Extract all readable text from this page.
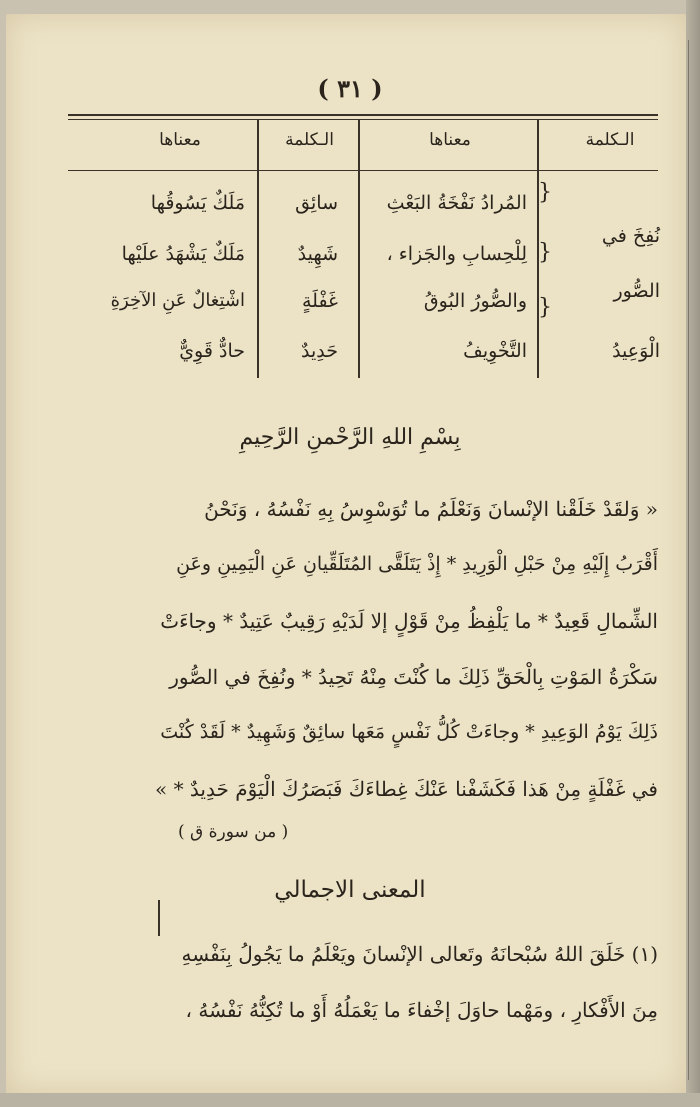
( ٣١ )
الـكلمة
معناها
الـكلمة
معناها
نُفِخَ في
الصُّور
الْوَعِيدُ
}
}
}
المُرادُ نَفْخَةُ البَعْثِ
لِلْحِسابِ والجَزاء ،
والصُّورُ البُوقُ
التَّخْوِيفُ
سائِق
شَهِيدٌ
غَفْلَةٍ
حَدِيدٌ
مَلَكٌ يَسُوقُها
مَلَكٌ يَشْهَدُ علَيْها
اشْتِغالٌ عَنِ الآخِرَةِ
حادٌّ قَوِيٌّ
بِسْمِ اللهِ الرَّحْمنِ الرَّحِيمِ
« وَلقَدْ خَلَقْنا الإنْسانَ وَنَعْلَمُ ما تُوَسْوِسُ بِهِ نَفْسُهُ ، وَنَحْنُ
أَقْرَبُ إِلَيْهِ مِنْ حَبْلِ الْوَرِيدِ * إِذْ يَتَلَقَّى المُتَلَقِّيانِ عَنِ الْيَمِينِ وعَنِ
الشِّمالِ قَعِيدٌ * ما يَلْفِظُ مِنْ قَوْلٍ إلا لَدَيْهِ رَقِيبٌ عَتِيدٌ * وجاءَتْ
سَكْرَةُ المَوْتِ بِالْحَقِّ ذَلِكَ ما كُنْتَ مِنْهُ تَحِيدُ * ونُفِخَ في الصُّور
ذَلِكَ يَوْمُ الوَعِيدِ * وجاءَتْ كُلُّ نَفْسٍ مَعَها سائِقٌ وَشَهِيدٌ * لَقَدْ كُنْتَ
في غَفْلَةٍ مِنْ هَذا فَكَشَفْنا عَنْكَ غِطاءَكَ فَبَصَرُكَ الْيَوْمَ حَدِيدٌ * »
( من سورة ق )
المعنى الاجمالي
(١) خَلَقَ اللهُ سُبْحانَهُ وتَعالى الإنْسانَ ويَعْلَمُ ما يَجُولُ بِنَفْسِهِ
مِنَ الأَفْكارِ ، ومَهْما حاوَلَ إخْفاءَ ما يَعْمَلُهُ أَوْ ما تُكِنُّهُ نَفْسُهُ ،
